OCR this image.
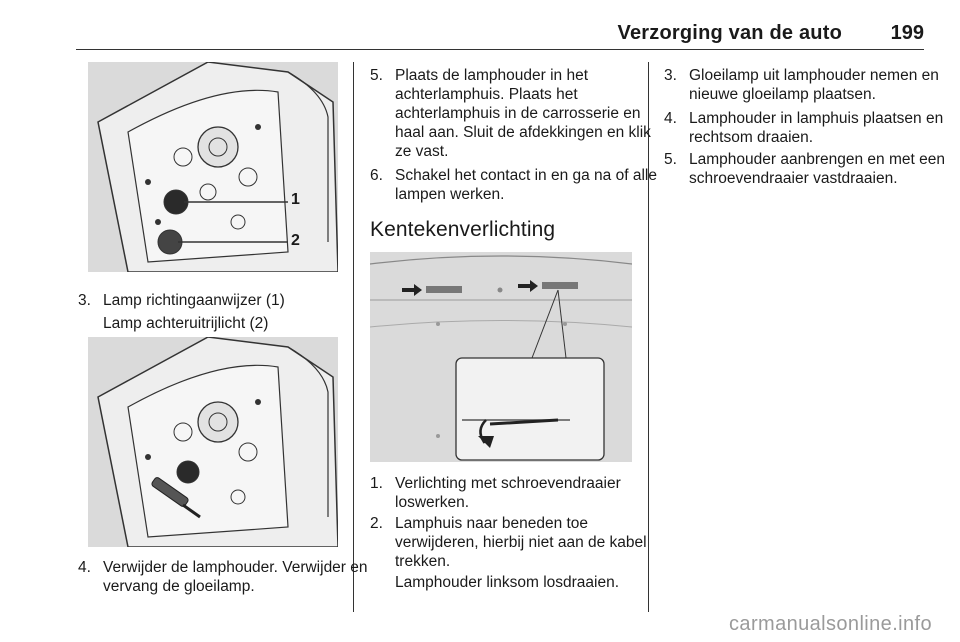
Verzorging van de auto 199
1
2
3. Lamp richtingaanwijzer (1)
Lamp achteruitrijlicht (2)
4. Verwijder de lamphouder. Verwijder en vervang de gloeilamp.
5. Plaats de lamphouder in het achterlamphuis. Plaats het achterlamphuis in de carrosserie en haal aan. Sluit de afdekkingen en klik ze vast.
6. Schakel het contact in en ga na of alle lampen werken.
Kentekenverlichting
1. Verlichting met schroevendraaier loswerken.
2. Lamphuis naar beneden toe verwijderen, hierbij niet aan de kabel trekken.
Lamphouder linksom losdraaien.
3. Gloeilamp uit lamphouder nemen en nieuwe gloeilamp plaatsen.
4. Lamphouder in lamphuis plaatsen en rechtsom draaien.
5. Lamphouder aanbrengen en met een schroevendraaier vastdraaien.
carmanualsonline.info
